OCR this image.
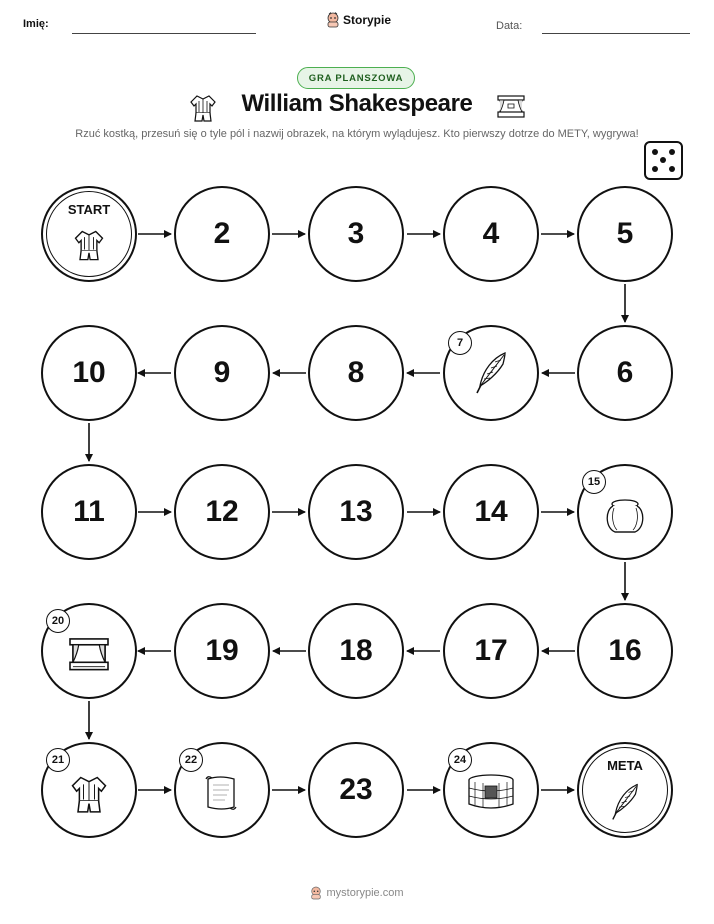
Imię:	Storypie	Data:
GRA PLANSZOWA
William Shakespeare
Rzuć kostką, przesuń się o tyle pól i nazwij obrazek, na którym wylądujesz. Kto pierwszy dotrze do METY, wygrywa!
START
2	3	4	5
10	9	8
7
6
11	12	13	14
15
20
19	18	17	16
21	22
23
24	META
mystorypie.com
